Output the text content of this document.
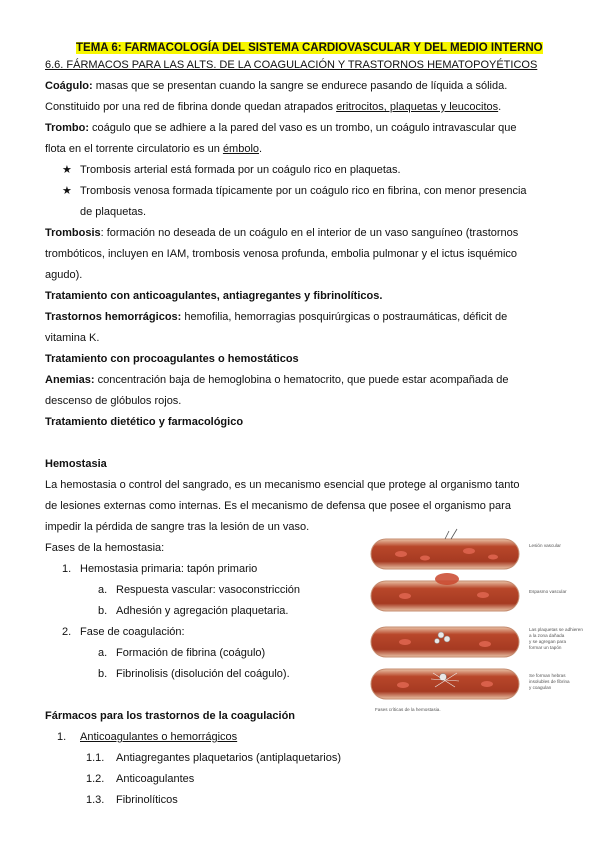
TEMA 6: FARMACOLOGÍA DEL SISTEMA CARDIOVASCULAR Y DEL MEDIO INTERNO
6.6. FÁRMACOS PARA LAS ALTS. DE LA COAGULACIÓN Y TRASTORNOS HEMATOPOYÉTICOS
Coágulo: masas que se presentan cuando la sangre se endurece pasando de líquida a sólida.
Constituido por una red de fibrina donde quedan atrapados eritrocitos, plaquetas y leucocitos.
Trombo: coágulo que se adhiere a la pared del vaso es un trombo, un coágulo intravascular que
flota en el torrente circulatorio es un émbolo.
★ Trombosis arterial está formada por un coágulo rico en plaquetas.
★ Trombosis venosa formada típicamente por un coágulo rico en fibrina, con menor presencia
de plaquetas.
Trombosis: formación no deseada de un coágulo en el interior de un vaso sanguíneo (trastornos
trombóticos, incluyen en IAM, trombosis venosa profunda, embolia pulmonar y el ictus isquémico
agudo).
Tratamiento con anticoagulantes, antiagregantes y fibrinolíticos.
Trastornos hemorrágicos: hemofilia, hemorragias posquirúrgicas o postraumáticas, déficit de
vitamina K.
Tratamiento con procoagulantes o hemostáticos
Anemias: concentración baja de hemoglobina o hematocrito, que puede estar acompañada de
descenso de glóbulos rojos.
Tratamiento dietético y farmacológico
Hemostasia
La hemostasia o control del sangrado, es un mecanismo esencial que protege al organismo tanto
de lesiones externas como internas. Es el mecanismo de defensa que posee el organismo para
impedir la pérdida de sangre tras la lesión de un vaso.
Fases de la hemostasia:
1. Hemostasia primaria: tapón primario
a. Respuesta vascular: vasoconstricción
b. Adhesión y agregación plaquetaria.
2. Fase de coagulación:
a. Formación de fibrina (coágulo)
b. Fibrinolisis (disolución del coágulo).
Fármacos para los trastornos de la coagulación
1. Anticoagulantes o hemorrágicos
1.1. Antiagregantes plaquetarios (antiplaquetarios)
1.2. Anticoagulantes
1.3. Fibrinolíticos
Lesión vascular
Espasmo vascular
Las plaquetas se adhieren
a la zona dañada
y se agregan para
formar un tapón
Se forman hebras
insolubles de fibrina
y coagulan
Fases críticas de la hemostasia.
